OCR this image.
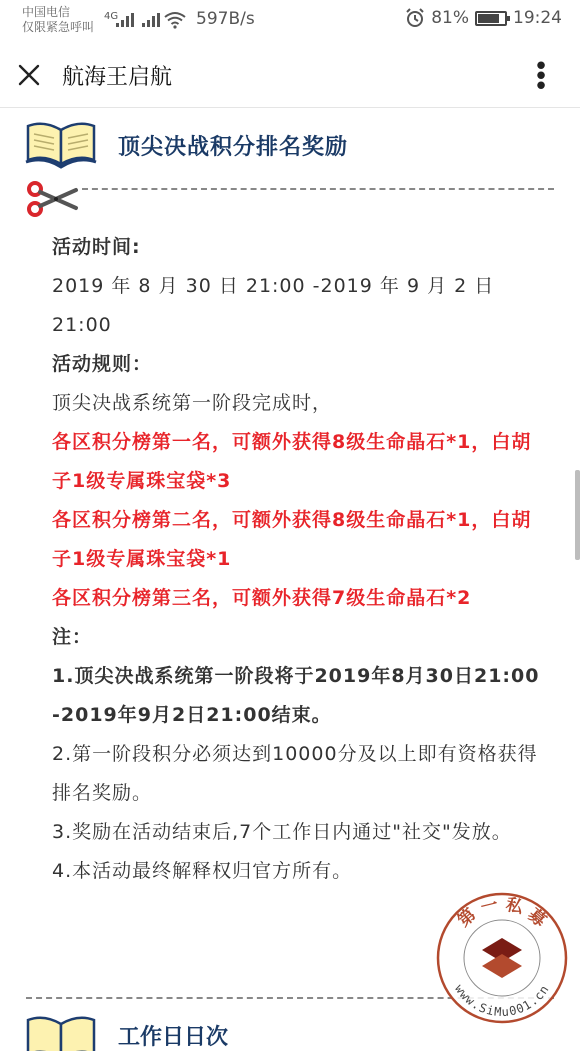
中国电信
仅限紧急呼叫
4G	597B/s	81%	19:24
航海王启航	• • •
顶尖决战积分排名奖励
活动时间:
2019 年 8 月 30 日 21:00 -2019 年 9 月 2 日 21:00
活动规则：
顶尖决战系统第一阶段完成时，
各区积分榜第一名，可额外获得8级生命晶石*1，白胡子1级专属珠宝袋*3
各区积分榜第二名，可额外获得8级生命晶石*1，白胡子1级专属珠宝袋*1
各区积分榜第三名，可额外获得7级生命晶石*2
注：
1.顶尖决战系统第一阶段将于2019年8月30日21:00 -2019年9月2日21:00结束。
2.第一阶段积分必须达到10000分及以上即有资格获得排名奖励。
3.奖励在活动结束后,7个工作日内通过"社交"发放。
4.本活动最终解释权归官方所有。
工作日日次
第 一 私 募
www.SiMu001.cn
